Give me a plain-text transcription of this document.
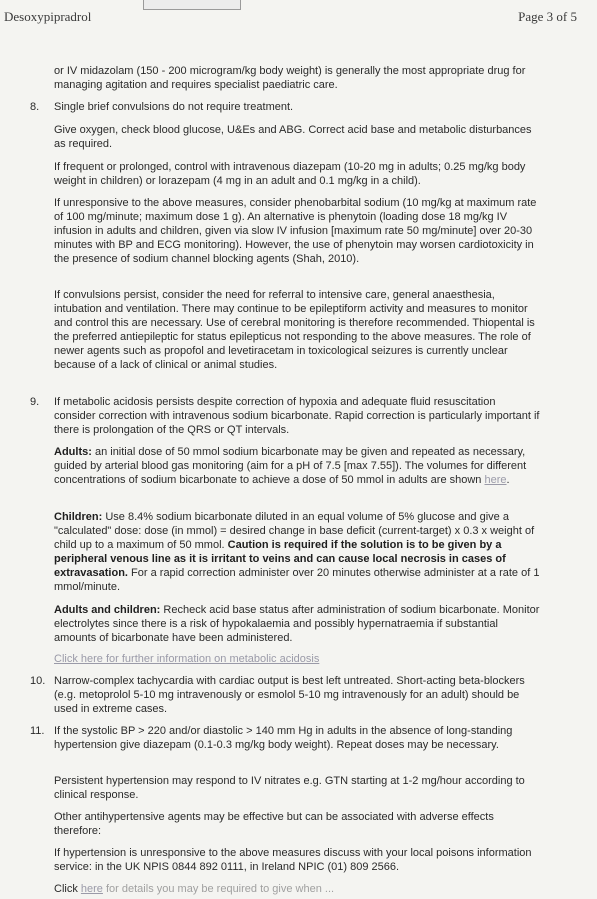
Desoxypipradrol	Page 3 of 5

or IV midazolam (150 - 200 microgram/kg body weight) is generally the most appropriate drug for managing agitation and requires specialist paediatric care.

8. Single brief convulsions do not require treatment.

Give oxygen, check blood glucose, U&Es and ABG. Correct acid base and metabolic disturbances as required.

If frequent or prolonged, control with intravenous diazepam (10-20 mg in adults; 0.25 mg/kg body weight in children) or lorazepam (4 mg in an adult and 0.1 mg/kg in a child).

If unresponsive to the above measures, consider phenobarbital sodium (10 mg/kg at maximum rate of 100 mg/minute; maximum dose 1 g). An alternative is phenytoin (loading dose 18 mg/kg IV infusion in adults and children, given via slow IV infusion [maximum rate 50 mg/minute] over 20-30 minutes with BP and ECG monitoring). However, the use of phenytoin may worsen cardiotoxicity in the presence of sodium channel blocking agents (Shah, 2010).

If convulsions persist, consider the need for referral to intensive care, general anaesthesia, intubation and ventilation. There may continue to be epileptiform activity and measures to monitor and control this are necessary. Use of cerebral monitoring is therefore recommended. Thiopental is the preferred antiepileptic for status epilepticus not responding to the above measures. The role of newer agents such as propofol and levetiracetam in toxicological seizures is currently unclear because of a lack of clinical or animal studies.

9. If metabolic acidosis persists despite correction of hypoxia and adequate fluid resuscitation consider correction with intravenous sodium bicarbonate. Rapid correction is particularly important if there is prolongation of the QRS or QT intervals.

Adults: an initial dose of 50 mmol sodium bicarbonate may be given and repeated as necessary, guided by arterial blood gas monitoring (aim for a pH of 7.5 [max 7.55]). The volumes for different concentrations of sodium bicarbonate to achieve a dose of 50 mmol in adults are shown here.

Children: Use 8.4% sodium bicarbonate diluted in an equal volume of 5% glucose and give a "calculated" dose: dose (in mmol) = desired change in base deficit (current-target) x 0.3 x weight of child up to a maximum of 50 mmol. Caution is required if the solution is to be given by a peripheral venous line as it is irritant to veins and can cause local necrosis in cases of extravasation. For a rapid correction administer over 20 minutes otherwise administer at a rate of 1 mmol/minute.

Adults and children: Recheck acid base status after administration of sodium bicarbonate. Monitor electrolytes since there is a risk of hypokalaemia and possibly hypernatraemia if substantial amounts of bicarbonate have been administered.

Click here for further information on metabolic acidosis

10. Narrow-complex tachycardia with cardiac output is best left untreated. Short-acting beta-blockers (e.g. metoprolol 5-10 mg intravenously or esmolol 5-10 mg intravenously for an adult) should be used in extreme cases.

11. If the systolic BP > 220 and/or diastolic > 140 mm Hg in adults in the absence of long-standing hypertension give diazepam (0.1-0.3 mg/kg body weight). Repeat doses may be necessary.

Persistent hypertension may respond to IV nitrates e.g. GTN starting at 1-2 mg/hour according to clinical response.

Other antihypertensive agents may be effective but can be associated with adverse effects therefore:

If hypertension is unresponsive to the above measures discuss with your local poisons information service: in the UK NPIS 0844 892 0111, in Ireland NPIC (01) 809 2566.

Click here for details you may be required to give when ...
